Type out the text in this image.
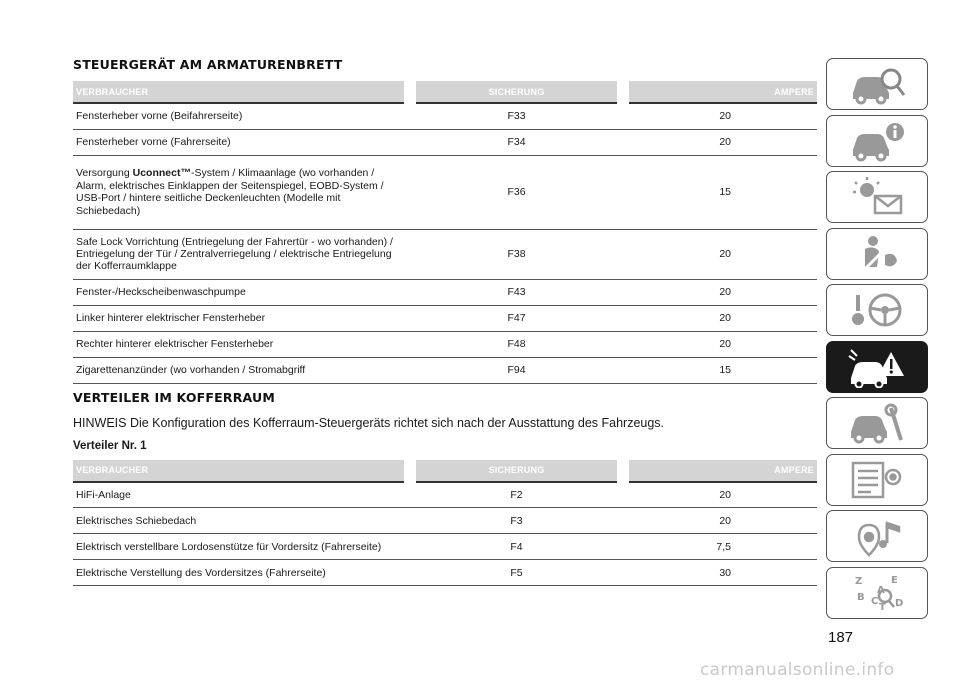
STEUERGERÄT AM ARMATURENBRETT
VERBRAUCHER	SICHERUNG	AMPERE
Fensterheber vorne (Beifahrerseite)	F33	20
Fensterheber vorne (Fahrerseite)	F34	20
Versorgung Uconnect™-System / Klimaanlage (wo vorhanden / Alarm, elektrisches Einklappen der Seitenspiegel, EOBD-System / USB-Port / hintere seitliche Deckenleuchten (Modelle mit Schiebedach)	F36	15
Safe Lock Vorrichtung (Entriegelung der Fahrertür - wo vorhanden) / Entriegelung der Tür / Zentralverriegelung / elektrische Entriegelung der Kofferraumklappe	F38	20
Fenster-/Heckscheibenwaschpumpe	F43	20
Linker hinterer elektrischer Fensterheber	F47	20
Rechter hinterer elektrischer Fensterheber	F48	20
Zigarettenanzünder (wo vorhanden / Stromabgriff	F94	15
VERTEILER IM KOFFERRAUM
HINWEIS Die Konfiguration des Kofferraum-Steuergeräts richtet sich nach der Ausstattung des Fahrzeugs.
Verteiler Nr. 1
VERBRAUCHER	SICHERUNG	AMPERE
HiFi-Anlage	F2	20
Elektrisches Schiebedach	F3	20
Elektrisch verstellbare Lordosenstütze für Vordersitz (Fahrerseite)	F4	7,5
Elektrische Verstellung des Vordersitzes (Fahrerseite)	F5	30
Z	E
A
B C
T D
187
carmanualsonline.info
